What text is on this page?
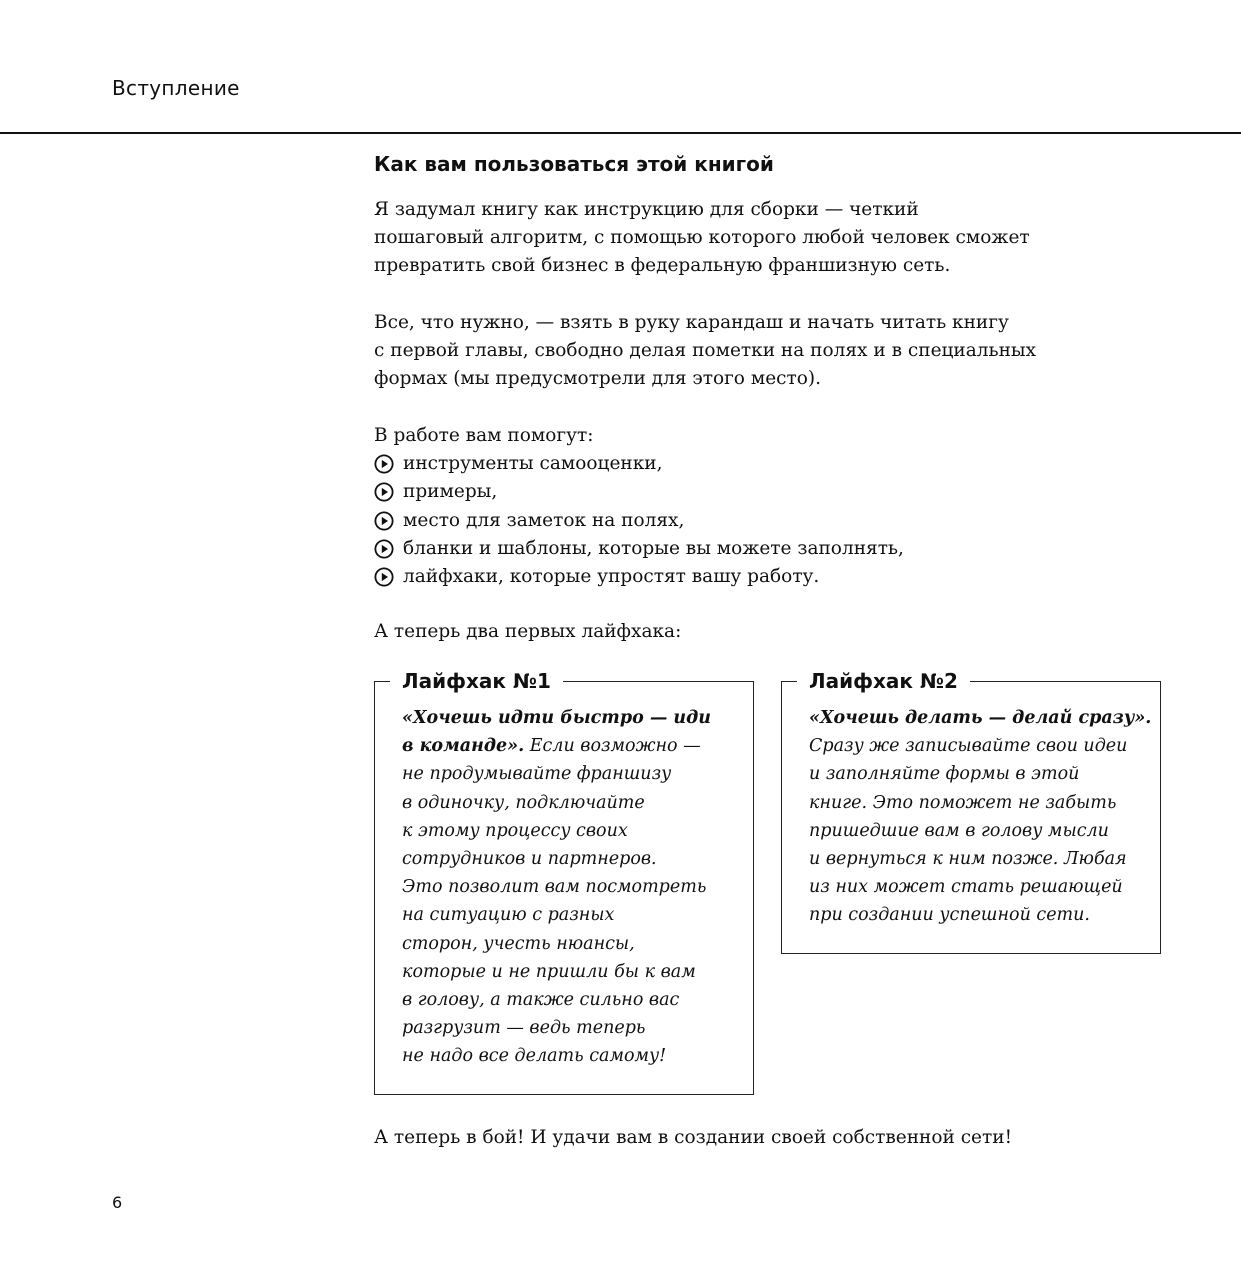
Вступление

Как вам пользоваться этой книгой

Я задумал книгу как инструкцию для сборки — четкий
пошаговый алгоритм, с помощью которого любой человек сможет
превратить свой бизнес в федеральную франшизную сеть.

Все, что нужно, — взять в руку карандаш и начать читать книгу
с первой главы, свободно делая пометки на полях и в специальных
формах (мы предусмотрели для этого место).

В работе вам помогут:

инструменты самооценки,
примеры,
место для заметок на полях,
бланки и шаблоны, которые вы можете заполнять,
лайфхаки, которые упростят вашу работу.

А теперь два первых лайфхака:

Лайфхак №1
«Хочешь идти быстро — иди
в команде». Если возможно —
не продумывайте франшизу
в одиночку, подключайте
к этому процессу своих
сотрудников и партнеров.
Это позволит вам посмотреть
на ситуацию с разных
сторон, учесть нюансы,
которые и не пришли бы к вам
в голову, а также сильно вас
разгрузит — ведь теперь
не надо все делать самому!
Лайфхак №2
«Хочешь делать — делай сразу».
Сразу же записывайте свои идеи
и заполняйте формы в этой
книге. Это поможет не забыть
пришедшие вам в голову мысли
и вернуться к ним позже. Любая
из них может стать решающей
при создании успешной сети.

А теперь в бой! И удачи вам в создании своей собственной сети!

6
